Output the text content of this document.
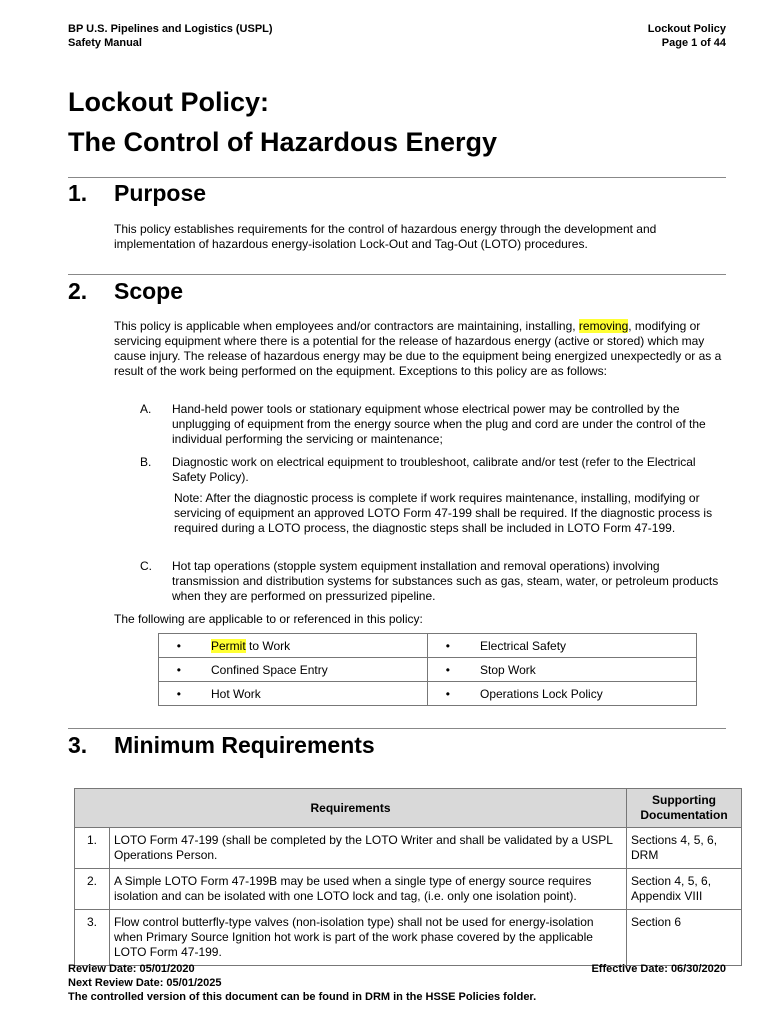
BP U.S. Pipelines and Logistics (USPL)
Safety Manual
Lockout Policy
Page 1 of 44
Lockout Policy:
The Control of Hazardous Energy
1. Purpose
This policy establishes requirements for the control of hazardous energy through the development and implementation of hazardous energy-isolation Lock-Out and Tag-Out (LOTO) procedures.
2. Scope
This policy is applicable when employees and/or contractors are maintaining, installing, removing, modifying or servicing equipment where there is a potential for the release of hazardous energy (active or stored) which may cause injury. The release of hazardous energy may be due to the equipment being energized unexpectedly or as a result of the work being performed on the equipment. Exceptions to this policy are as follows:
A.	Hand-held power tools or stationary equipment whose electrical power may be controlled by the unplugging of equipment from the energy source when the plug and cord are under the control of the individual performing the servicing or maintenance;
B.	Diagnostic work on electrical equipment to troubleshoot, calibrate and/or test (refer to the Electrical Safety Policy).
Note: After the diagnostic process is complete if work requires maintenance, installing, modifying or servicing of equipment an approved LOTO Form 47-199 shall be required. If the diagnostic process is required during a LOTO process, the diagnostic steps shall be included in LOTO Form 47-199.
C.	Hot tap operations (stopple system equipment installation and removal operations) involving transmission and distribution systems for substances such as gas, steam, water, or petroleum products when they are performed on pressurized pipeline.
The following are applicable to or referenced in this policy:
• Permit to Work	• Electrical Safety
• Confined Space Entry	• Stop Work
• Hot Work	• Operations Lock Policy
3. Minimum Requirements
Requirements		Supporting Documentation
1.	LOTO Form 47-199 (shall be completed by the LOTO Writer and shall be validated by a USPL Operations Person.	Sections 4, 5, 6, DRM
2.	A Simple LOTO Form 47-199B may be used when a single type of energy source requires isolation and can be isolated with one LOTO lock and tag, (i.e. only one isolation point).	Section 4, 5, 6, Appendix VIII
3.	Flow control butterfly-type valves (non-isolation type) shall not be used for energy-isolation when Primary Source Ignition hot work is part of the work phase covered by the applicable LOTO Form 47-199.	Section 6
Review Date: 05/01/2020
Next Review Date: 05/01/2025
The controlled version of this document can be found in DRM in the HSSE Policies folder.
Effective Date: 06/30/2020
